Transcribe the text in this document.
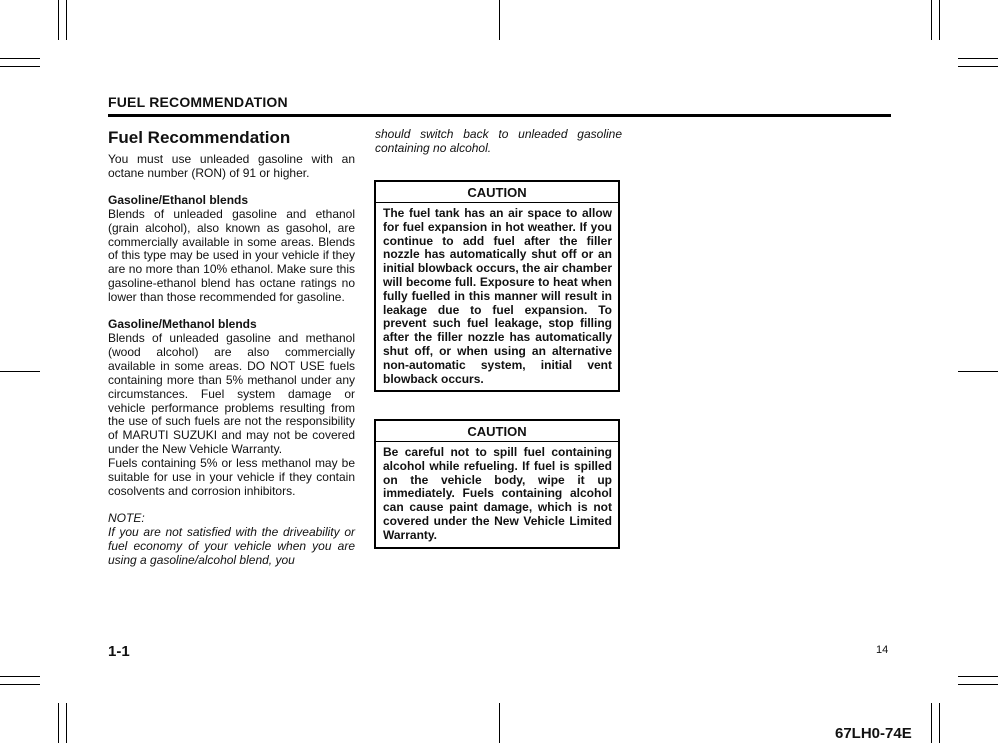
FUEL RECOMMENDATION
Fuel Recommendation

You must use unleaded gasoline with an octane number (RON) of 91 or higher.

Gasoline/Ethanol blends

Blends of unleaded gasoline and ethanol (grain alcohol), also known as gasohol, are commercially available in some areas. Blends of this type may be used in your vehicle if they are no more than 10% ethanol. Make sure this gasoline-ethanol blend has octane ratings no lower than those recommended for gasoline.

Gasoline/Methanol blends

Blends of unleaded gasoline and methanol (wood alcohol) are also commercially available in some areas. DO NOT USE fuels containing more than 5% methanol under any circumstances. Fuel system damage or vehicle performance problems resulting from the use of such fuels are not the responsibility of MARUTI SUZUKI and may not be covered under the New Vehicle Warranty.

Fuels containing 5% or less methanol may be suitable for use in your vehicle if they contain cosolvents and corrosion inhibitors.

NOTE:

If you are not satisfied with the driveability or fuel economy of your vehicle when you are using a gasoline/alcohol blend, you

should switch back to unleaded gasoline containing no alcohol.

CAUTION
The fuel tank has an air space to allow for fuel expansion in hot weather. If you continue to add fuel after the filler nozzle has automatically shut off or an initial blowback occurs, the air chamber will become full. Exposure to heat when fully fuelled in this manner will result in leakage due to fuel expansion. To prevent such fuel leakage, stop filling after the filler nozzle has automatically shut off, or when using an alternative non-automatic system, initial vent blowback occurs.
CAUTION
Be careful not to spill fuel containing alcohol while refueling. If fuel is spilled on the vehicle body, wipe it up immediately. Fuels containing alcohol can cause paint damage, which is not covered under the New Vehicle Limited Warranty.
1-1	14
67LH0-74E
